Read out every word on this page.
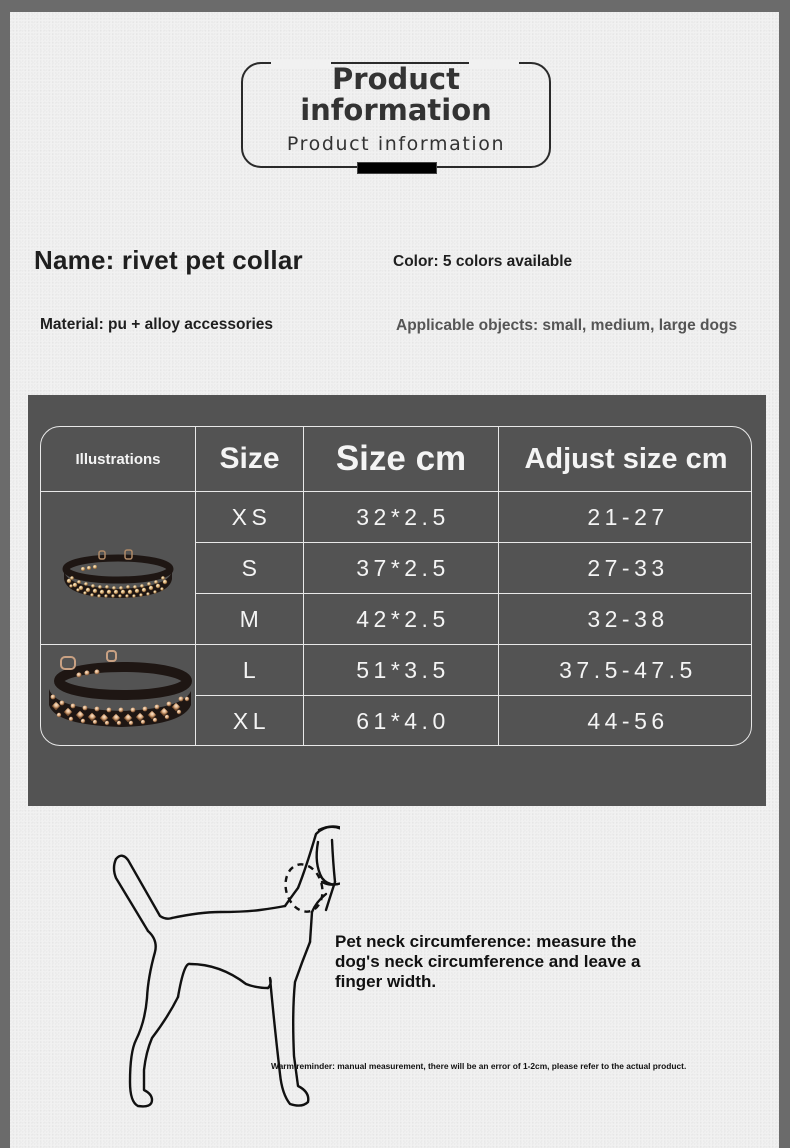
Product
information
Product information
Name: rivet pet collar	Color: 5 colors available
Material: pu + alloy accessories	Applicable objects: small, medium, large dogs
Illustrations	Size	Size cm	Adjust size cm
XS	32*2.5	21-27
S	37*2.5	27-33
M	42*2.5	32-38
L	51*3.5	37.5-47.5
XL	61*4.0	44-56
Pet neck circumference: measure the dog's neck circumference and leave a finger width.
Warm reminder: manual measurement, there will be an error of 1-2cm, please refer to the actual product.
